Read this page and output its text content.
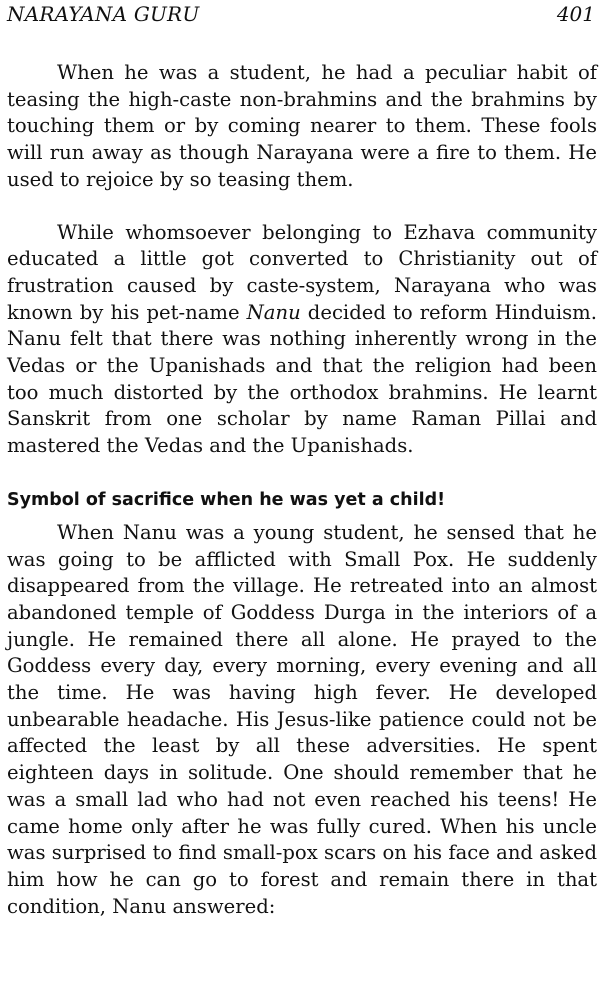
NARAYANA GURU	401

When he was a student, he had a peculiar habit of teasing the high-caste non-brahmins and the brahmins by touching them or by coming nearer to them. These fools will run away as though Narayana were a fire to them. He used to rejoice by so teasing them.

While whomsoever belonging to Ezhava community educated a little got converted to Christianity out of frustration caused by caste-system, Narayana who was known by his pet-name Nanu decided to reform Hinduism. Nanu felt that there was nothing inherently wrong in the Vedas or the Upanishads and that the religion had been too much distorted by the orthodox brahmins. He learnt Sanskrit from one scholar by name Raman Pillai and mastered the Vedas and the Upanishads.

Symbol of sacrifice when he was yet a child!

When Nanu was a young student, he sensed that he was going to be afflicted with Small Pox. He suddenly disappeared from the village. He retreated into an almost abandoned temple of Goddess Durga in the interiors of a jungle. He remained there all alone. He prayed to the Goddess every day, every morning, every evening and all the time. He was having high fever. He developed unbearable headache. His Jesus-like patience could not be affected the least by all these adversities. He spent eighteen days in solitude. One should remember that he was a small lad who had not even reached his teens! He came home only after he was fully cured. When his uncle was surprised to find small-pox scars on his face and asked him how he can go to forest and remain there in that condition, Nanu answered:
